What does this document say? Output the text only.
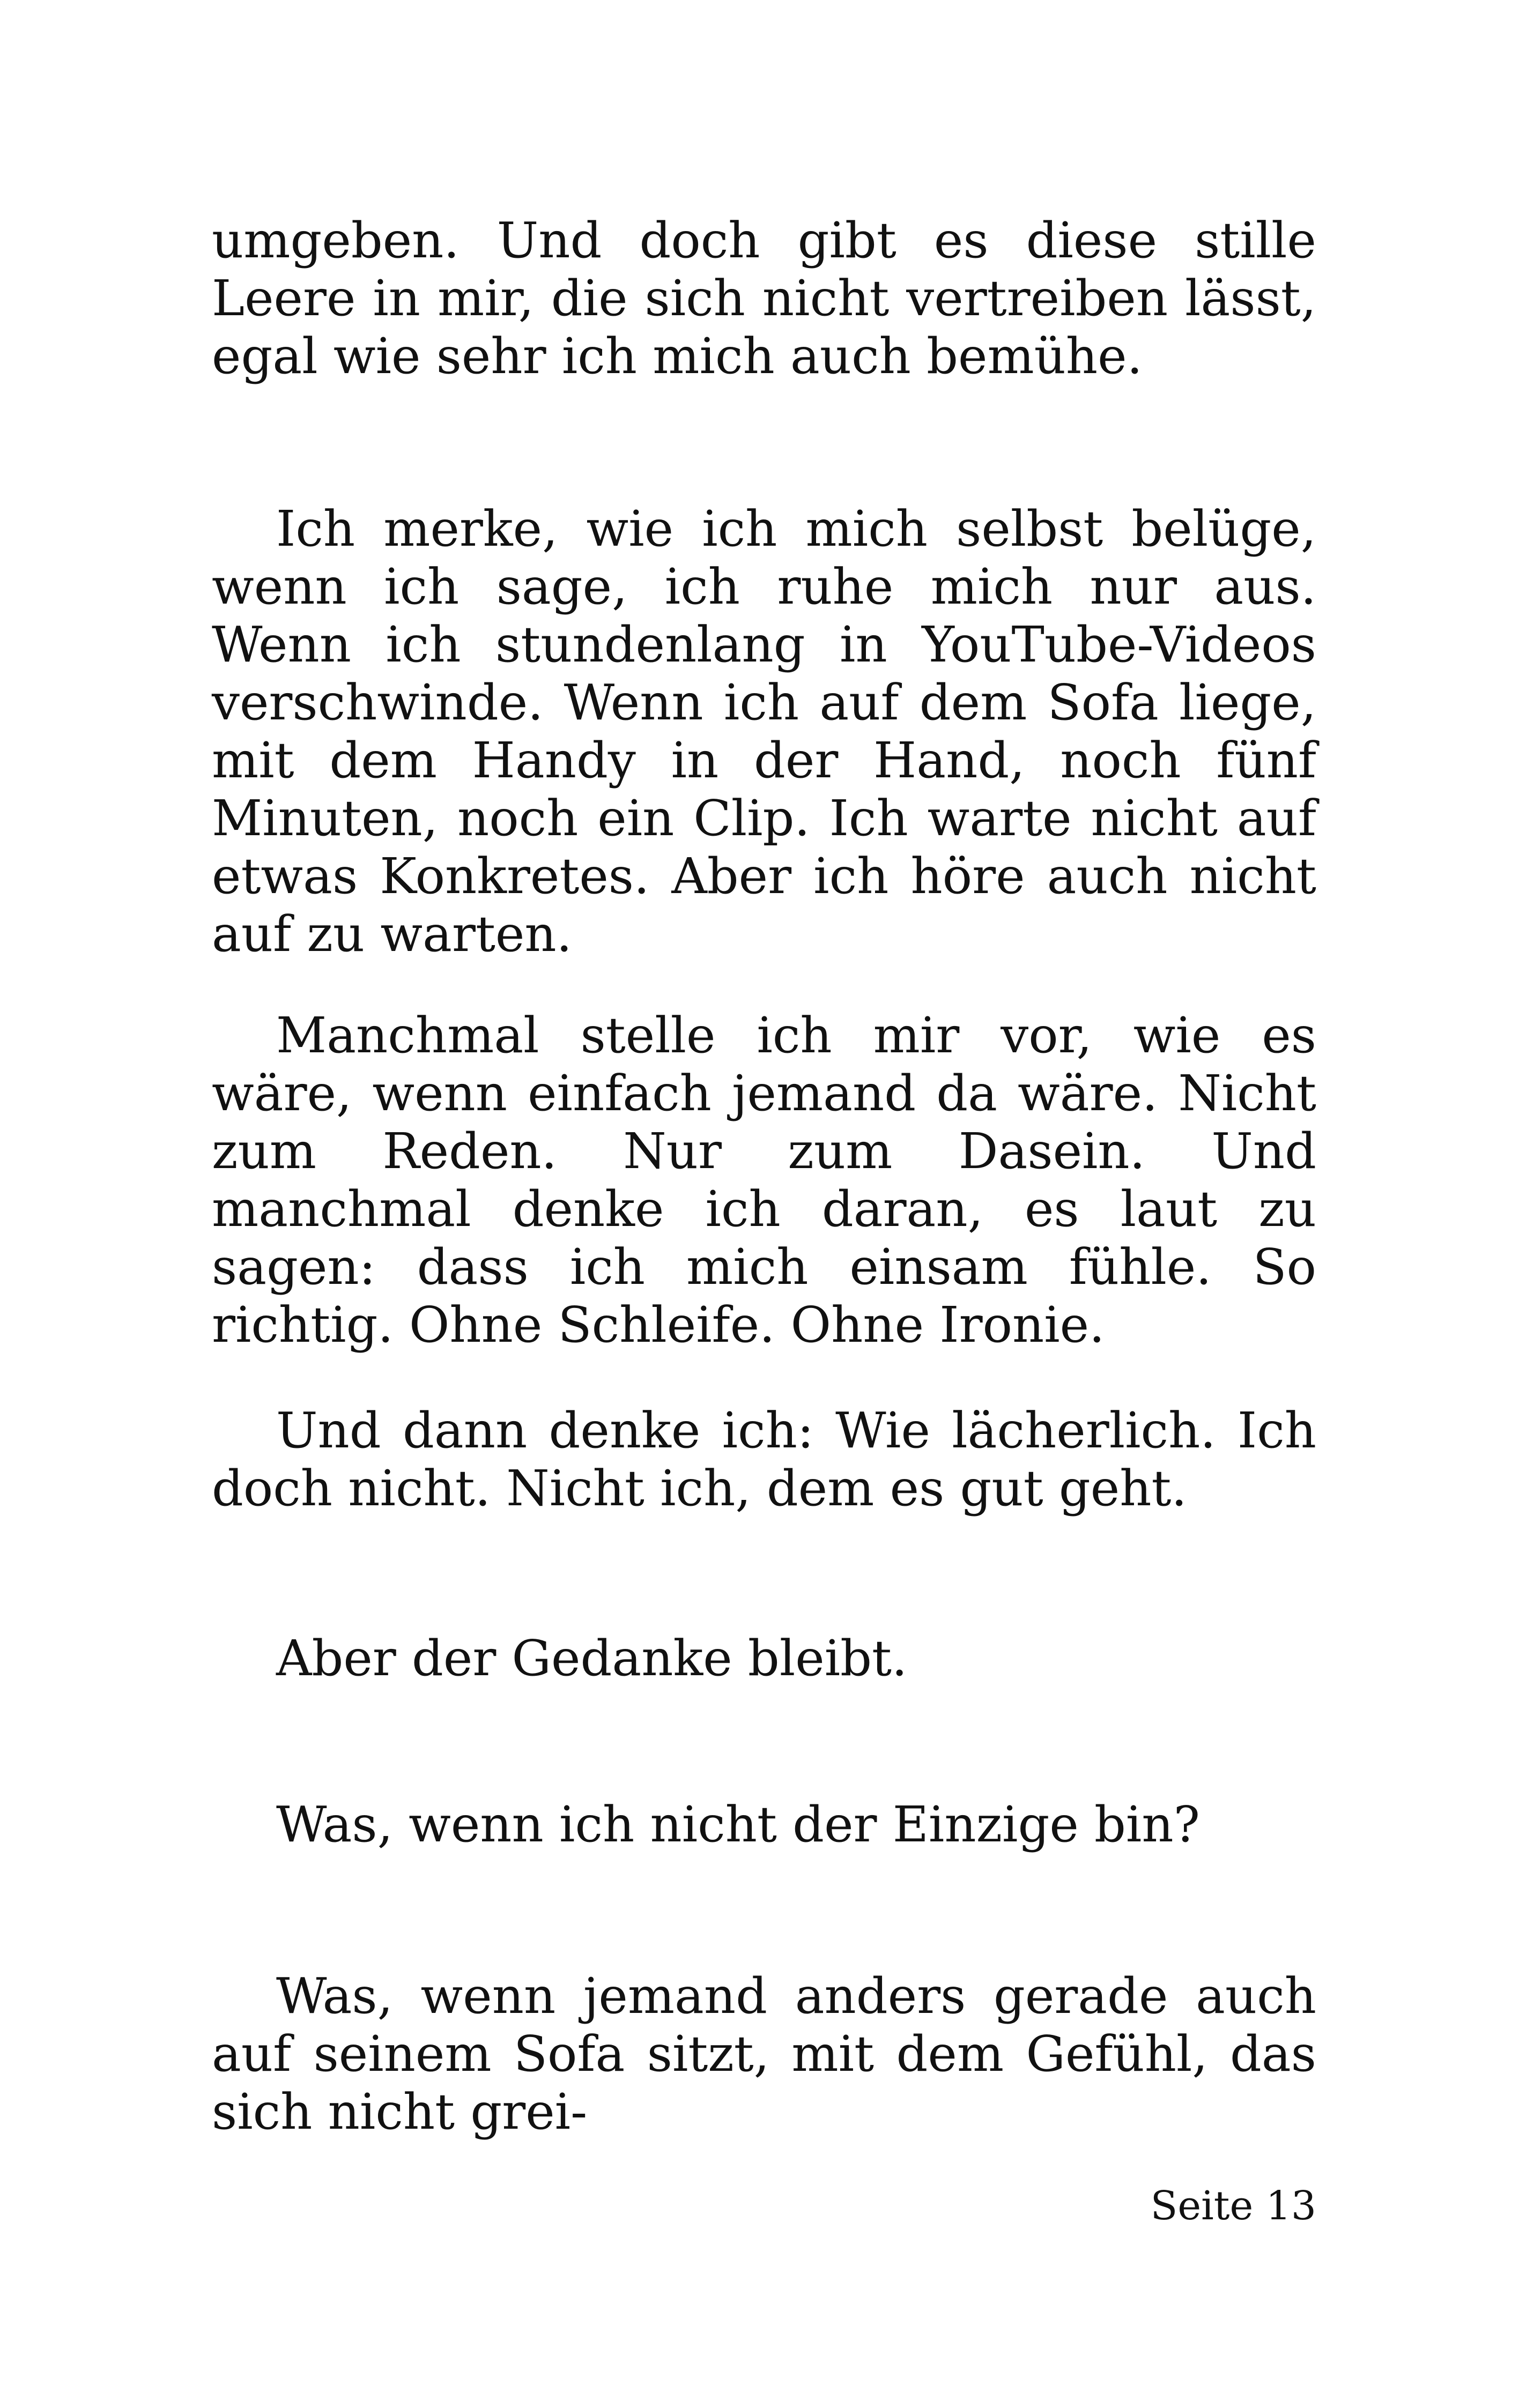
umgeben. Und doch gibt es diese stille Leere in mir, die sich nicht vertreiben lässt, egal wie sehr ich mich auch bemühe.

Ich merke, wie ich mich selbst belüge, wenn ich sage, ich ruhe mich nur aus. Wenn ich stundenlang in YouTube-Videos verschwinde. Wenn ich auf dem Sofa liege, mit dem Handy in der Hand, noch fünf Minuten, noch ein Clip. Ich warte nicht auf etwas Konkretes. Aber ich höre auch nicht auf zu warten.

Manchmal stelle ich mir vor, wie es wäre, wenn einfach jemand da wäre. Nicht zum Reden. Nur zum Dasein. Und manchmal denke ich daran, es laut zu sagen: dass ich mich einsam fühle. So richtig. Ohne Schleife. Ohne Ironie.

Und dann denke ich: Wie lächerlich. Ich doch nicht. Nicht ich, dem es gut geht.

Aber der Gedanke bleibt.

Was, wenn ich nicht der Einzige bin?

Was, wenn jemand anders gerade auch auf seinem Sofa sitzt, mit dem Gefühl, das sich nicht grei-

Seite 13
